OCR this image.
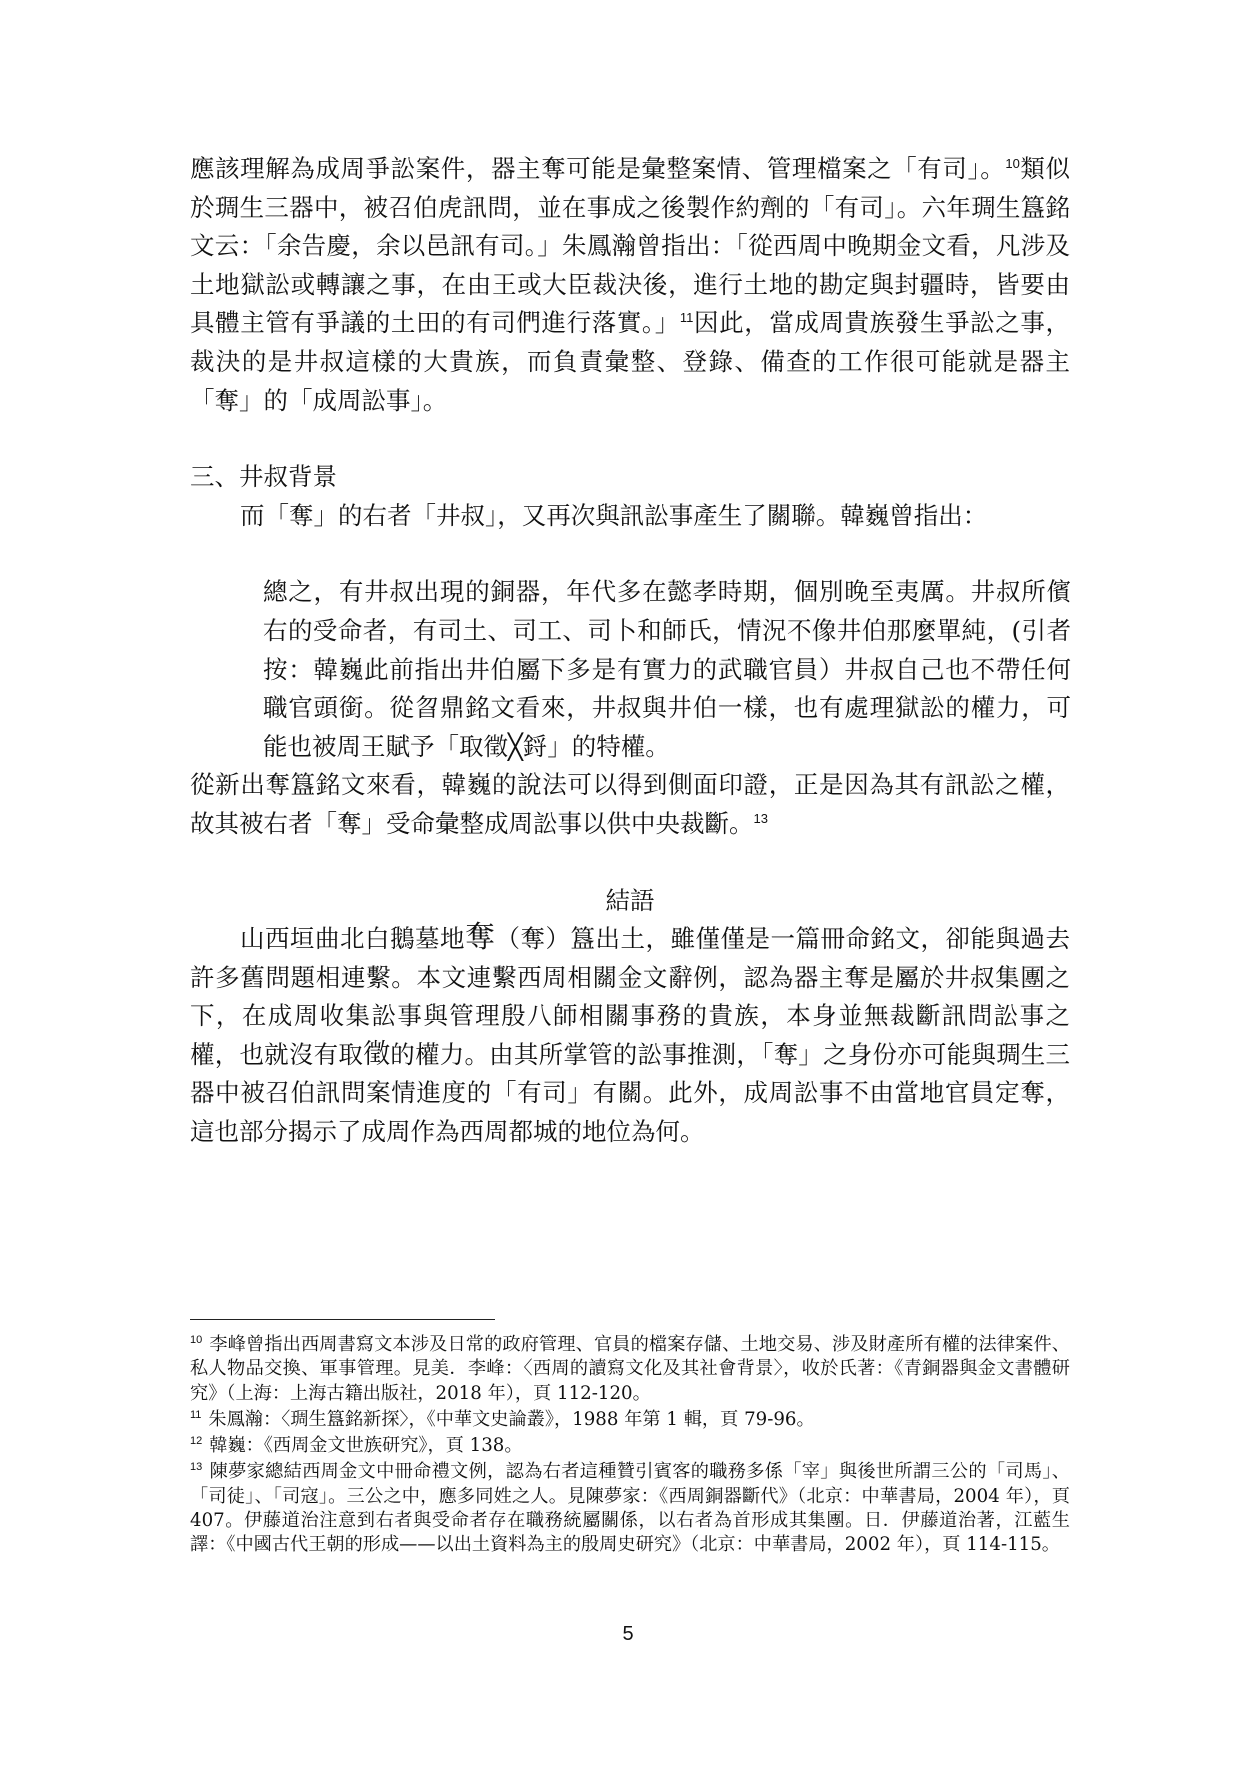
應該理解為成周爭訟案件，器主奪可能是彙整案情、管理檔案之「有司」。$^{10}$類似於琱生三器中，被召伯虎訊問，並在事成之後製作約劑的「有司」。六年琱生簋銘文云：「余告慶，余以邑訊有司。」朱鳳瀚曾指出：「從西周中晚期金文看，凡涉及土地獄訟或轉讓之事，在由王或大臣裁決後，進行土地的勘定與封疆時，皆要由具體主管有爭議的土田的有司們進行落實。」$^{11}$因此，當成周貴族發生爭訟之事，裁決的是井叔這樣的大貴族，而負責彙整、登錄、備查的工作很可能就是器主「奪」的「成周訟事」。

三、井叔背景

而「奪」的右者「井叔」，又再次與訊訟事產生了關聯。韓巍曾指出：

總之，有井叔出現的銅器，年代多在懿孝時期，個別晚至夷厲。井叔所儐右的受命者，有司土、司工、司卜和師氏，情況不像井伯那麼單純，(引者按：韓巍此前指出井伯屬下多是有實力的武職官員）井叔自己也不帶任何職官頭銜。從曶鼎銘文看來，井叔與井伯一樣，也有處理獄訟的權力，可能也被周王賦予「取徵╳鋝」的特權。

從新出奪簋銘文來看，韓巍的說法可以得到側面印證，正是因為其有訊訟之權，故其被右者「奪」受命彙整成周訟事以供中央裁斷。$^{13}$

結語

山西垣曲北白鵝墓地奪（奪）簋出土，雖僅僅是一篇冊命銘文，卻能與過去許多舊問題相連繫。本文連繫西周相關金文辭例，認為器主奪是屬於井叔集團之下，在成周收集訟事與管理殷八師相關事務的貴族，本身並無裁斷訊問訟事之權，也就沒有取徵的權力。由其所掌管的訟事推測，「奪」之身份亦可能與琱生三器中被召伯訊問案情進度的「有司」有關。此外，成周訟事不由當地官員定奪，這也部分揭示了成周作為西周都城的地位為何。

$^{10}$ 李峰曾指出西周書寫文本涉及日常的政府管理、官員的檔案存儲、土地交易、涉及財產所有權的法律案件、私人物品交換、軍事管理。見美．李峰：〈西周的讀寫文化及其社會背景〉，收於氏著：《青銅器與金文書體研究》（上海：上海古籍出版社，2018 年），頁 112-120。

$^{11}$ 朱鳳瀚：〈琱生簋銘新探〉，《中華文史論叢》，1988 年第 1 輯，頁 79-96。

$^{12}$ 韓巍：《西周金文世族研究》，頁 138。

$^{13}$ 陳夢家總結西周金文中冊命禮文例，認為右者這種贊引賓客的職務多係「宰」與後世所謂三公的「司馬」、「司徒」、「司寇」。三公之中，應多同姓之人。見陳夢家：《西周銅器斷代》（北京：中華書局，2004 年），頁 407。伊藤道治注意到右者與受命者存在職務統屬關係，以右者為首形成其集團。日．伊藤道治著，江藍生譯：《中國古代王朝的形成——以出土資料為主的殷周史研究》（北京：中華書局，2002 年），頁 114-115。

5
